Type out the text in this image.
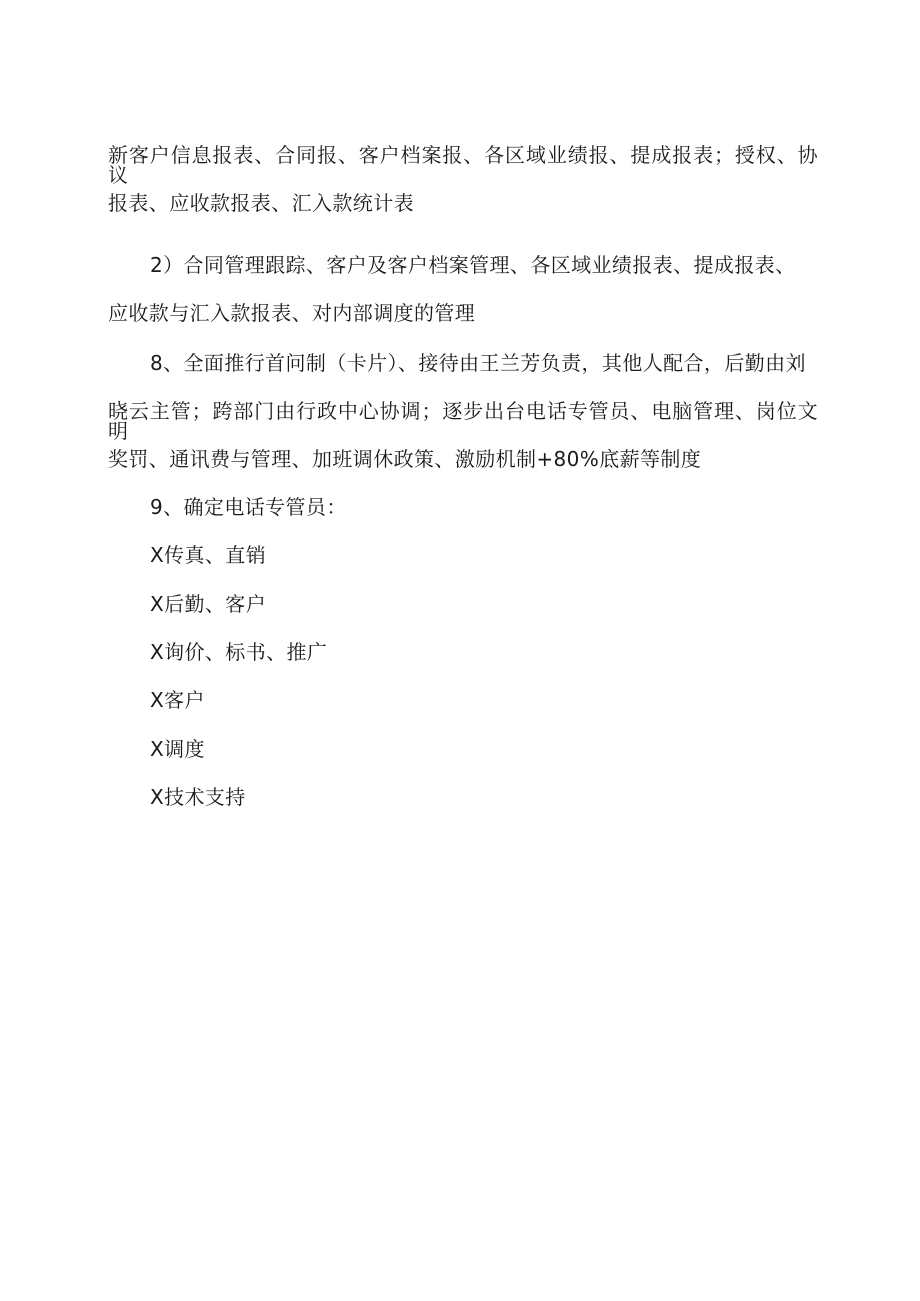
新客户信息报表、合同报、客户档案报、各区域业绩报、提成报表；授权、协议
报表、应收款报表、汇入款统计表
2）合同管理跟踪、客户及客户档案管理、各区域业绩报表、提成报表、
应收款与汇入款报表、对内部调度的管理
8、全面推行首问制（卡片）、接待由王兰芳负责，其他人配合，后勤由刘
晓云主管；跨部门由行政中心协调；逐步出台电话专管员、电脑管理、岗位文明
奖罚、通讯费与管理、加班调休政策、激励机制+80%底薪等制度
9、确定电话专管员：
X传真、直销
X后勤、客户
X询价、标书、推广
X客户
X调度
X技术支持
